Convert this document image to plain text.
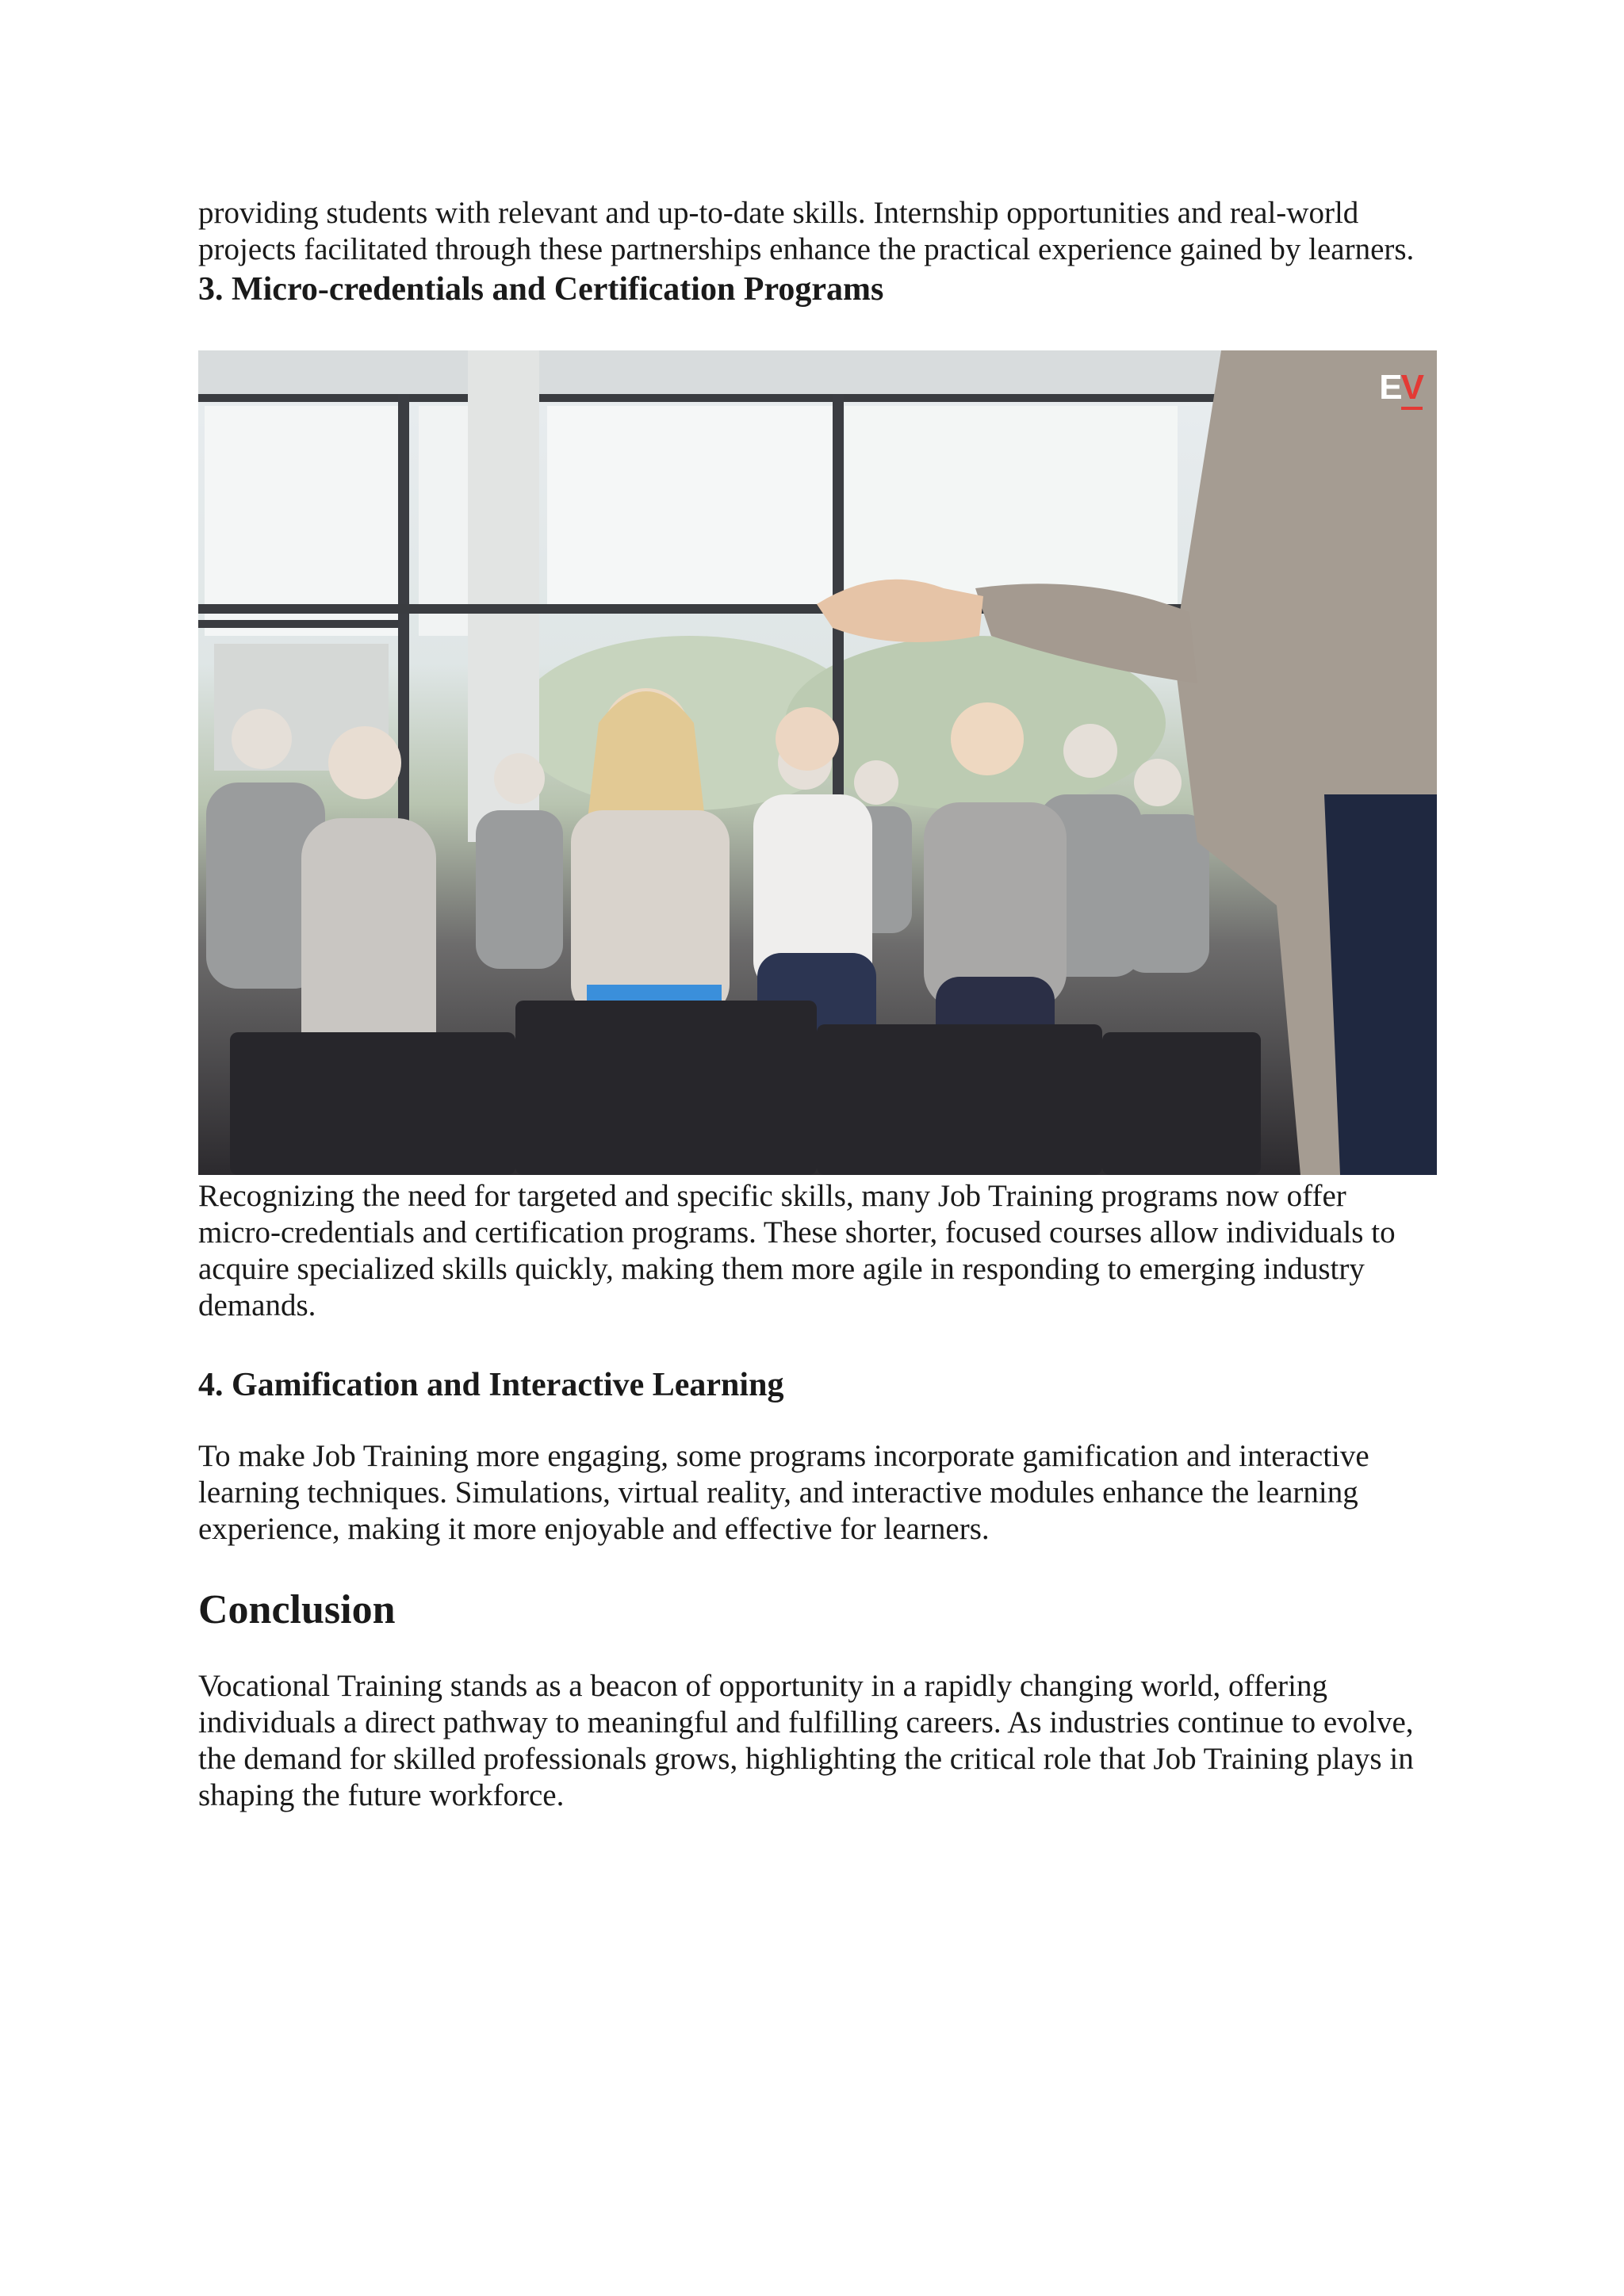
providing students with relevant and up-to-date skills. Internship opportunities and real-world projects facilitated through these partnerships enhance the practical experience gained by learners.

3. Micro-credentials and Certification Programs
EV

Recognizing the need for targeted and specific skills, many Job Training programs now offer micro-credentials and certification programs. These shorter, focused courses allow individuals to acquire specialized skills quickly, making them more agile in responding to emerging industry demands.

4. Gamification and Interactive Learning

To make Job Training more engaging, some programs incorporate gamification and interactive learning techniques. Simulations, virtual reality, and interactive modules enhance the learning experience, making it more enjoyable and effective for learners.

Conclusion

Vocational Training stands as a beacon of opportunity in a rapidly changing world, offering individuals a direct pathway to meaningful and fulfilling careers. As industries continue to evolve, the demand for skilled professionals grows, highlighting the critical role that Job Training plays in shaping the future workforce.
